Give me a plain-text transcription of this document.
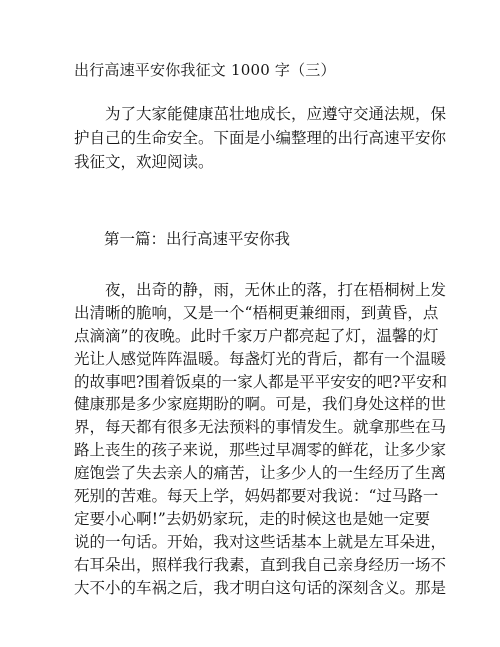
出行高速平安你我征文 1000 字（三）
为了大家能健康茁壮地成长，应遵守交通法规，保
护自己的生命安全。下面是小编整理的出行高速平安你
我征文，欢迎阅读。
第一篇：出行高速平安你我
夜，出奇的静，雨，无休止的落，打在梧桐树上发
出清晰的脆响，又是一个“梧桐更兼细雨，到黄昏，点
点滴滴”的夜晚。此时千家万户都亮起了灯，温馨的灯
光让人感觉阵阵温暖。每盏灯光的背后，都有一个温暖
的故事吧?围着饭桌的一家人都是平平安安的吧?平安和
健康那是多少家庭期盼的啊。可是，我们身处这样的世
界，每天都有很多无法预料的事情发生。就拿那些在马
路上丧生的孩子来说，那些过早凋零的鲜花，让多少家
庭饱尝了失去亲人的痛苦，让多少人的一生经历了生离
死别的苦难。每天上学，妈妈都要对我说：“过马路一
定要小心啊!”去奶奶家玩，走的时候这也是她一定要
说的一句话。开始，我对这些话基本上就是左耳朵进，
右耳朵出，照样我行我素，直到我自己亲身经历一场不
大不小的车祸之后，我才明白这句话的深刻含义。那是
